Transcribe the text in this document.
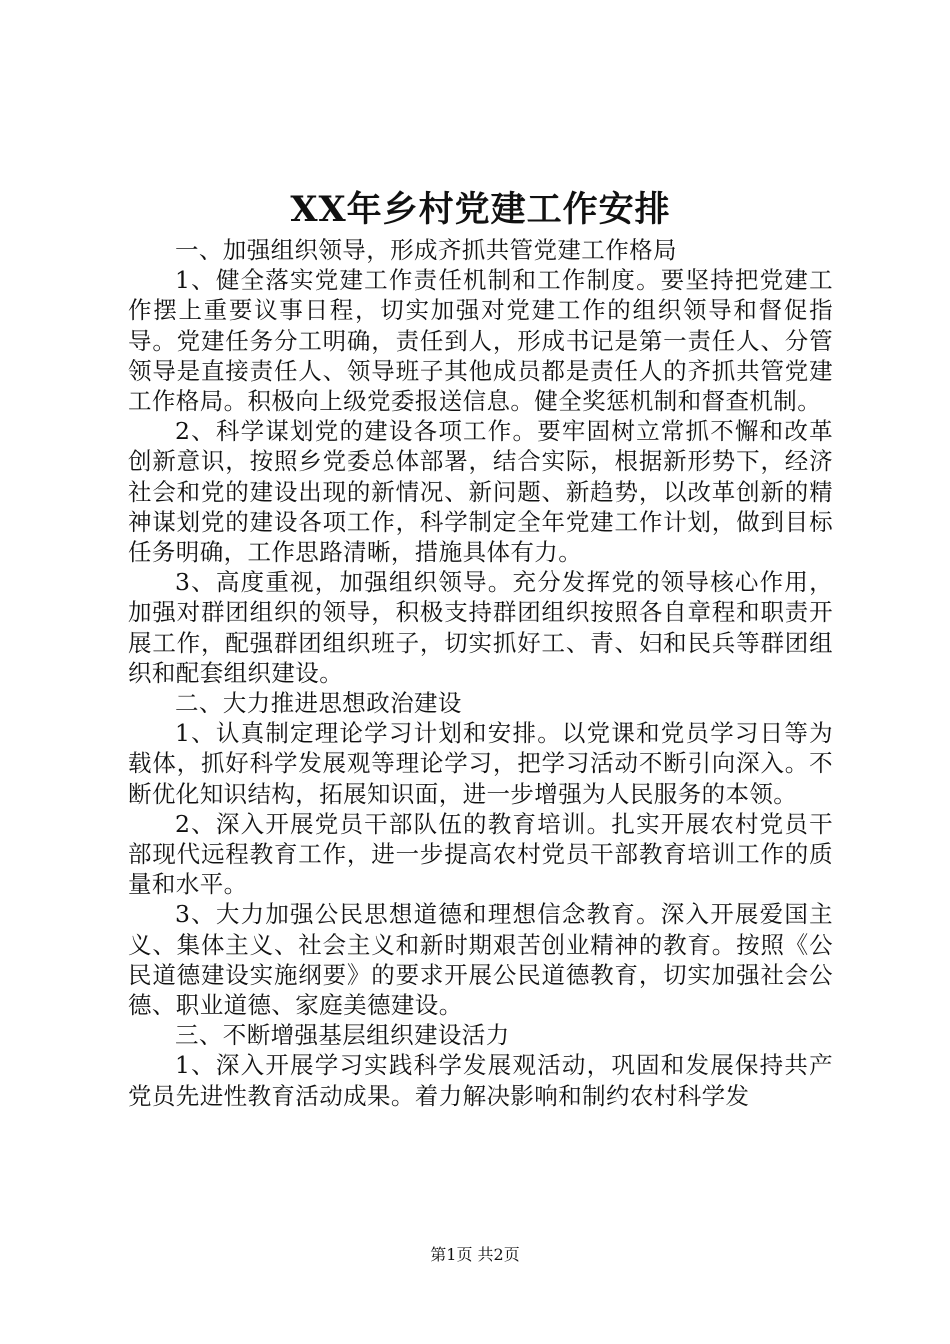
XX年乡村党建工作安排

一、加强组织领导，形成齐抓共管党建工作格局

1、健全落实党建工作责任机制和工作制度。要坚持把党建工作摆上重要议事日程，切实加强对党建工作的组织领导和督促指导。党建任务分工明确，责任到人，形成书记是第一责任人、分管领导是直接责任人、领导班子其他成员都是责任人的齐抓共管党建工作格局。积极向上级党委报送信息。健全奖惩机制和督查机制。

2、科学谋划党的建设各项工作。要牢固树立常抓不懈和改革创新意识，按照乡党委总体部署，结合实际，根据新形势下，经济社会和党的建设出现的新情况、新问题、新趋势，以改革创新的精神谋划党的建设各项工作，科学制定全年党建工作计划，做到目标任务明确，工作思路清晰，措施具体有力。

3、高度重视，加强组织领导。充分发挥党的领导核心作用，加强对群团组织的领导，积极支持群团组织按照各自章程和职责开展工作，配强群团组织班子，切实抓好工、青、妇和民兵等群团组织和配套组织建设。

二、大力推进思想政治建设

1、认真制定理论学习计划和安排。以党课和党员学习日等为载体，抓好科学发展观等理论学习，把学习活动不断引向深入。不断优化知识结构，拓展知识面，进一步增强为人民服务的本领。

2、深入开展党员干部队伍的教育培训。扎实开展农村党员干部现代远程教育工作，进一步提高农村党员干部教育培训工作的质量和水平。

3、大力加强公民思想道德和理想信念教育。深入开展爱国主义、集体主义、社会主义和新时期艰苦创业精神的教育。按照《公民道德建设实施纲要》的要求开展公民道德教育，切实加强社会公德、职业道德、家庭美德建设。

三、不断增强基层组织建设活力

1、深入开展学习实践科学发展观活动，巩固和发展保持共产党员先进性教育活动成果。着力解决影响和制约农村科学发

第1页 共2页
